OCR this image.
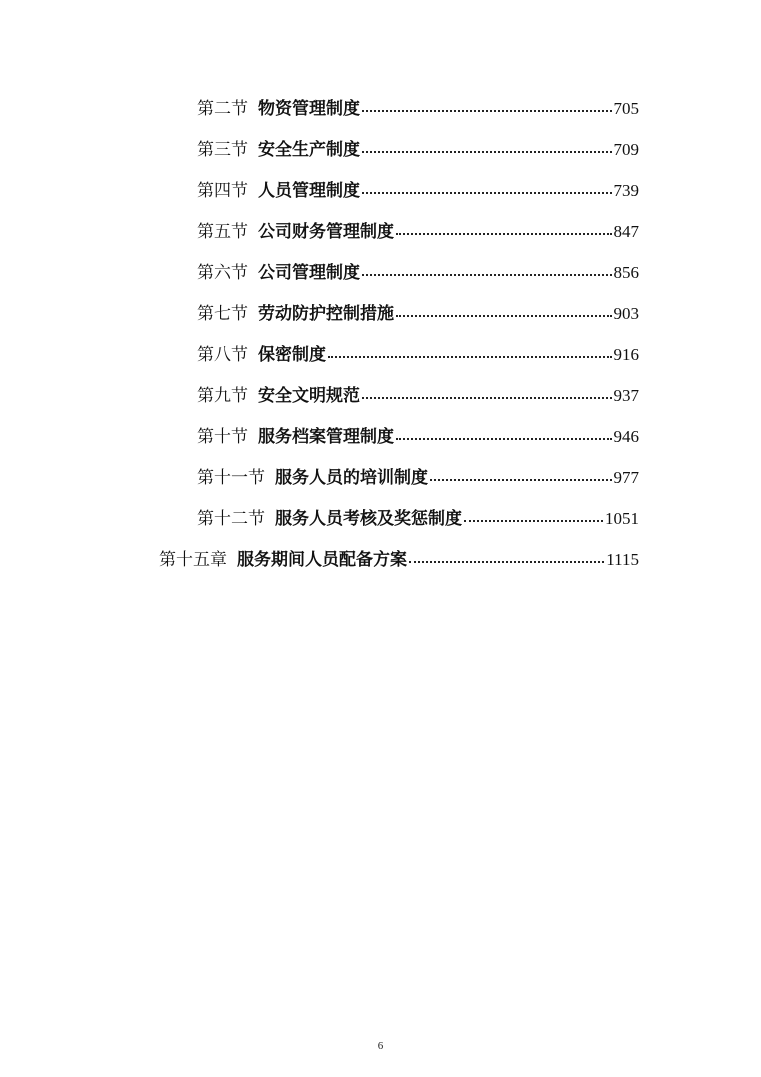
第二节 物资管理制度	705
第三节 安全生产制度	709
第四节 人员管理制度	739
第五节 公司财务管理制度	847
第六节 公司管理制度	856
第七节 劳动防护控制措施	903
第八节 保密制度	916
第九节 安全文明规范	937
第十节 服务档案管理制度	946
第十一节 服务人员的培训制度	977
第十二节 服务人员考核及奖惩制度	1051
第十五章 服务期间人员配备方案	1115
6
